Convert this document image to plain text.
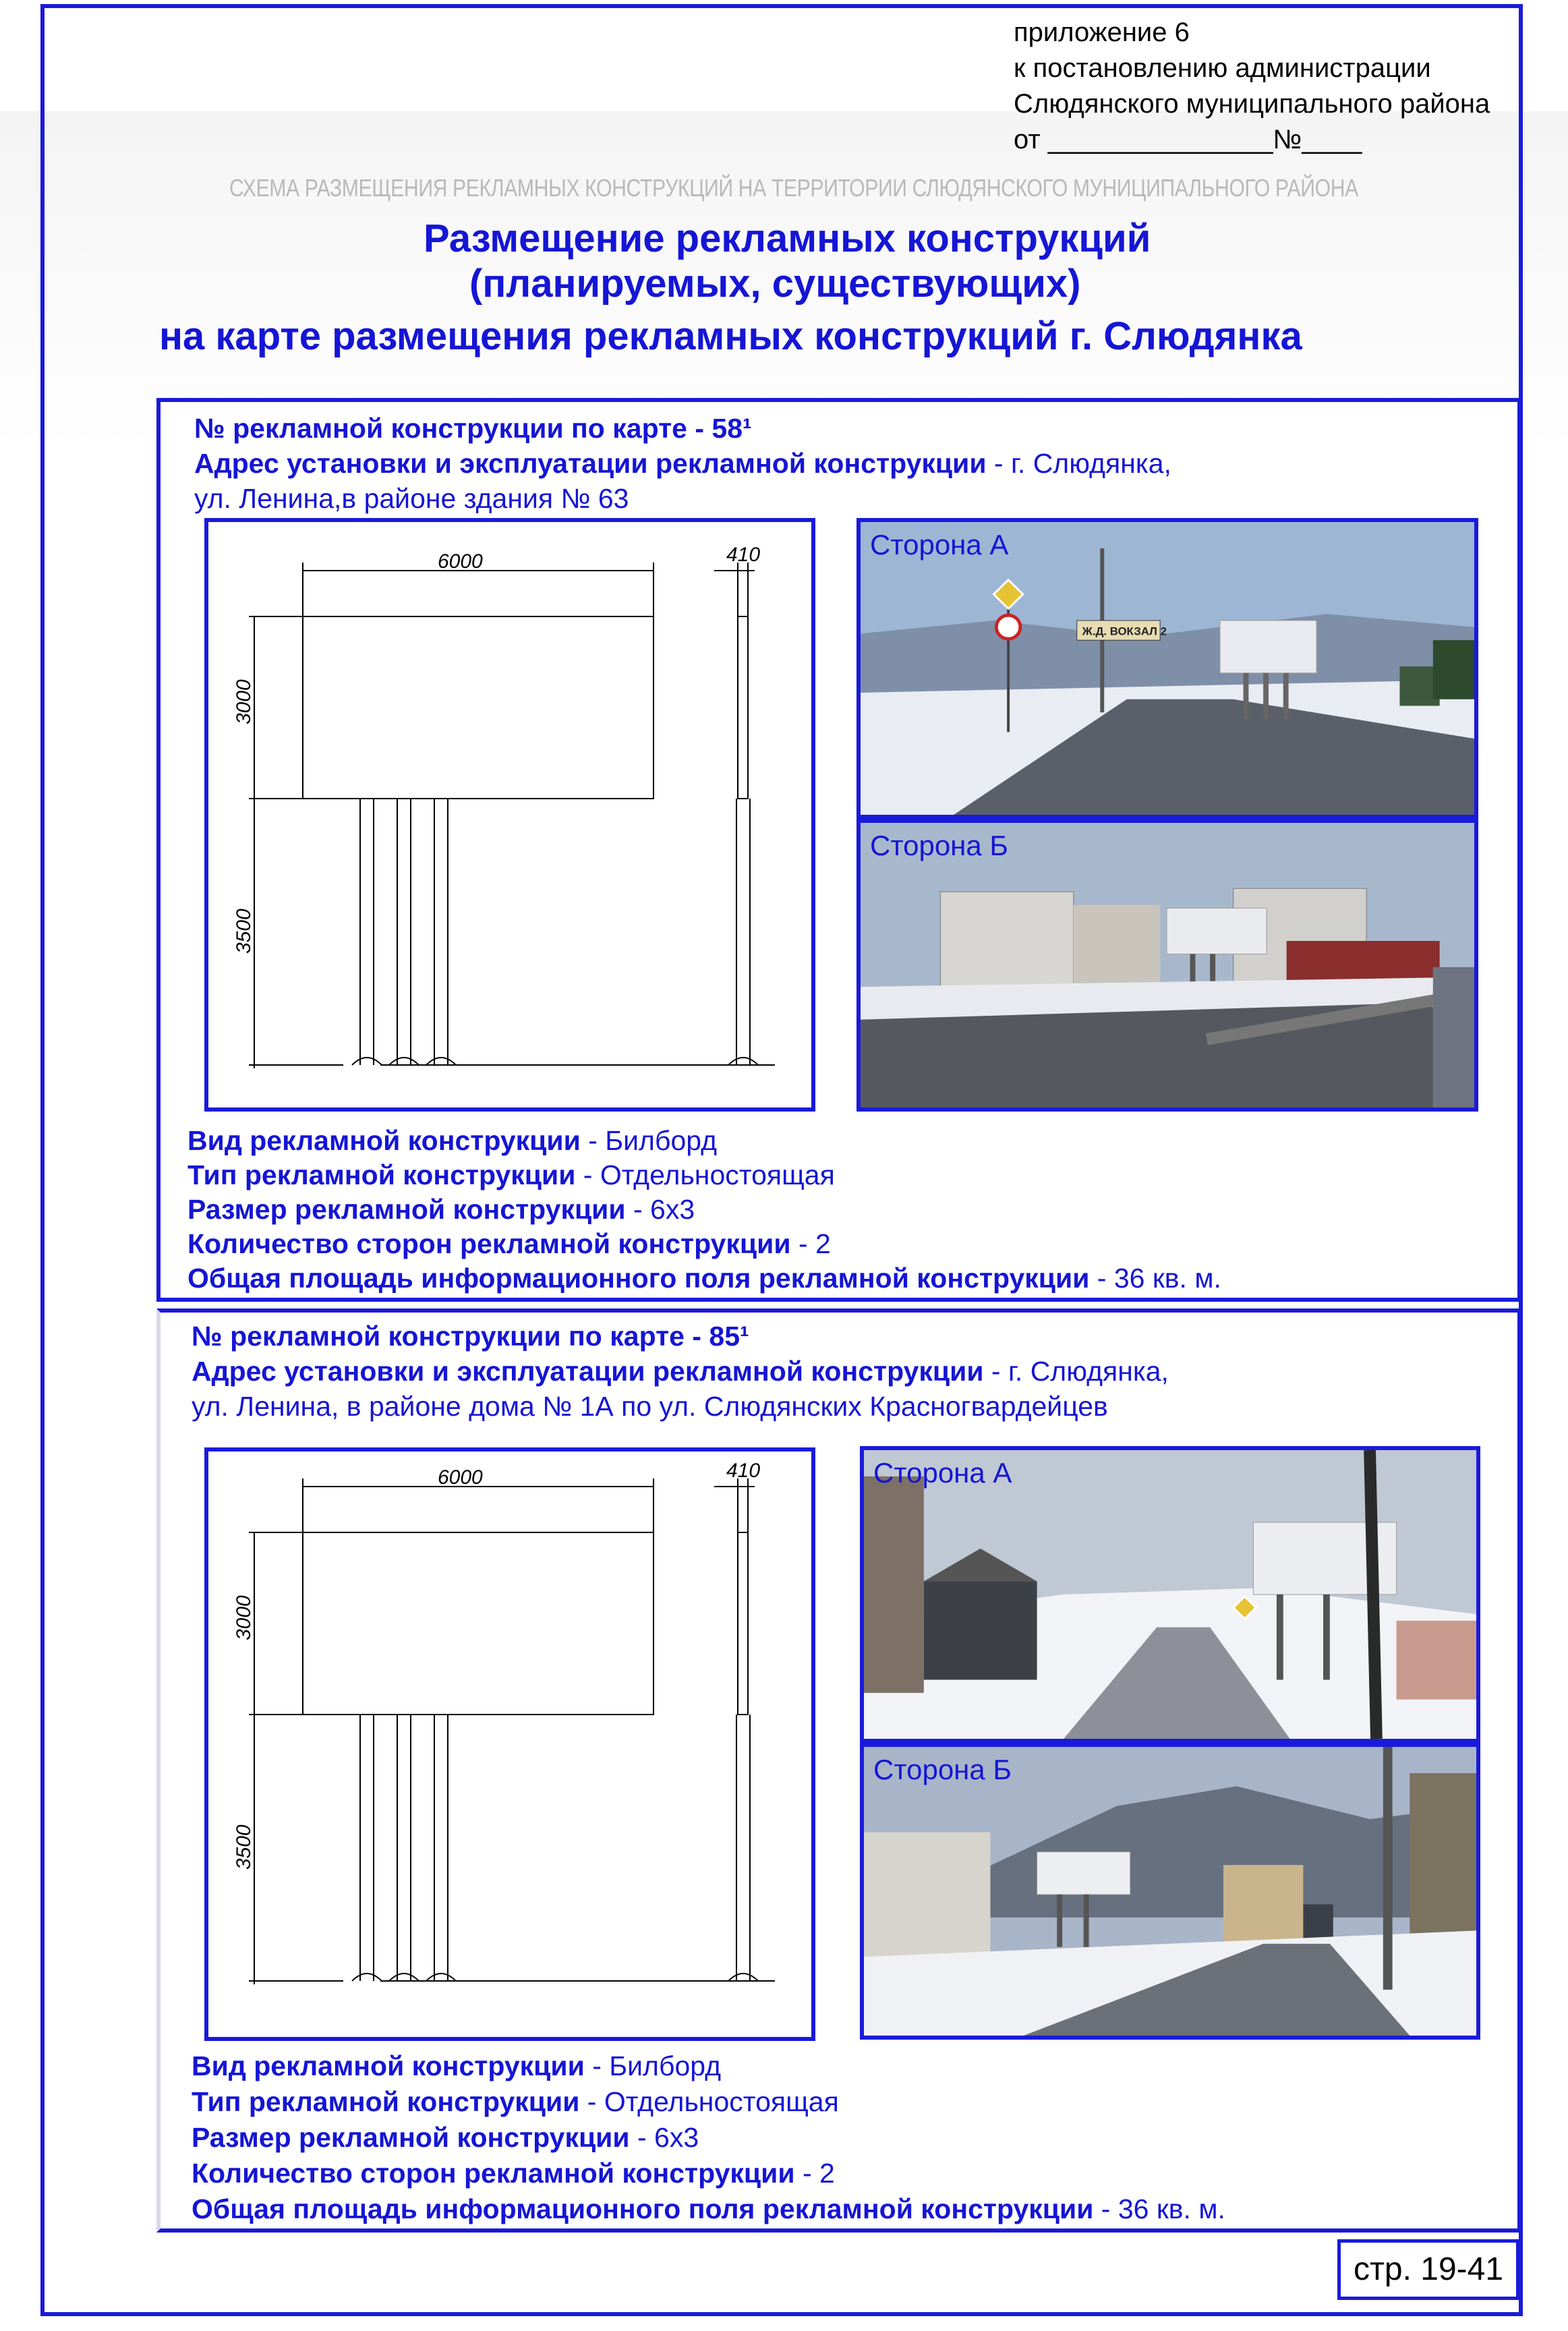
приложение 6
к постановлению администрации
Слюдянского муниципального района
от _______________№____
СХЕМА РАЗМЕЩЕНИЯ РЕКЛАМНЫХ КОНСТРУКЦИЙ НА ТЕРРИТОРИИ СЛЮДЯНСКОГО МУНИЦИПАЛЬНОГО РАЙОНА
Размещение рекламных конструкций
(планируемых, существующих)
на карте размещения рекламных конструкций г. Слюдянка
№ рекламной конструкции по карте - 58¹
Адрес установки и эксплуатации рекламной конструкции - г. Слюдянка,
ул. Ленина,в районе здания № 63
6000	410
3000
3500
Ж.Д. ВОКЗАЛ 2
Сторона А
Сторона Б
Вид рекламной конструкции - Билборд
Тип рекламной конструкции - Отдельностоящая
Размер рекламной конструкции - 6x3
Количество сторон рекламной конструкции - 2
Общая площадь информационного поля рекламной конструкции - 36 кв. м.
№ рекламной конструкции по карте - 85¹
Адрес установки и эксплуатации рекламной конструкции - г. Слюдянка,
ул. Ленина, в районе дома № 1А по ул. Слюдянских Красногвардейцев
6000	410
3000
3500
Сторона А
Сторона Б
Вид рекламной конструкции - Билборд
Тип рекламной конструкции - Отдельностоящая
Размер рекламной конструкции - 6x3
Количество сторон рекламной конструкции - 2
Общая площадь информационного поля рекламной конструкции - 36 кв. м.
стр. 19-41
